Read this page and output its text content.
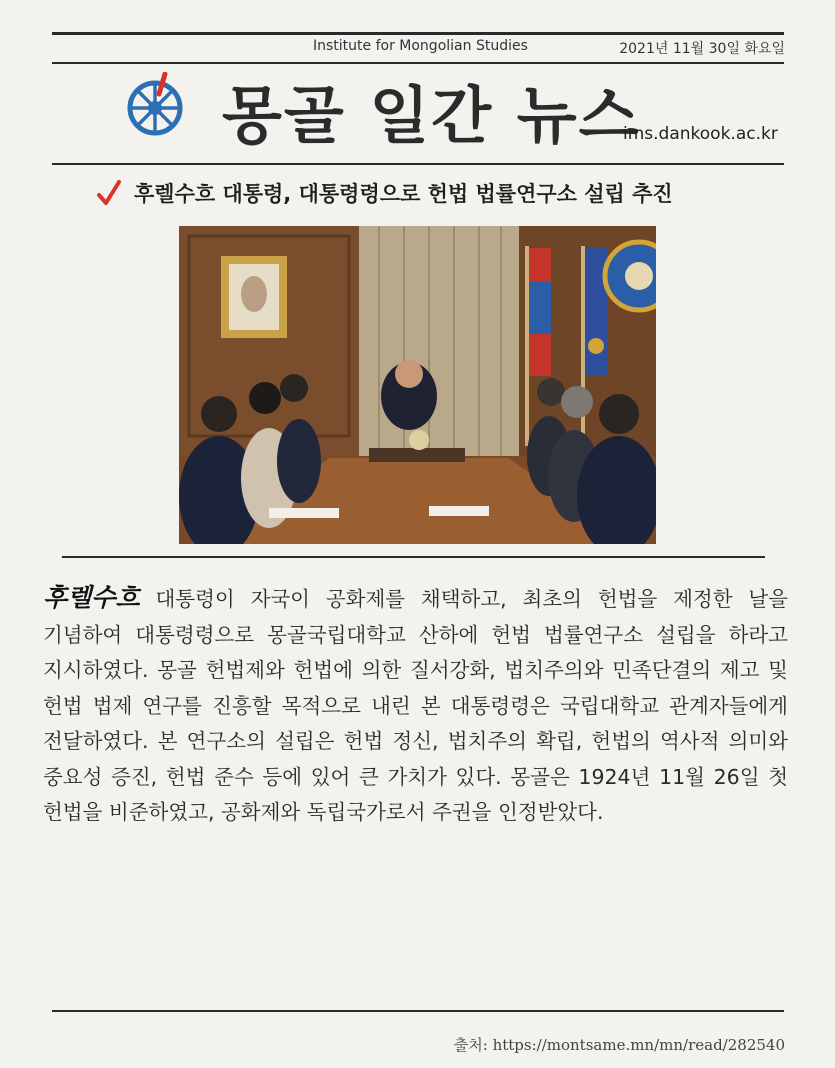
Institute for Mongolian Studies	2021년 11월 30일 화요일
몽골 일간 뉴스
ims.dankook.ac.kr
후렐수흐 대통령, 대통령령으로 헌법 법률연구소 설립 추진
후렐수흐 대통령이 자국이 공화제를 채택하고, 최초의 헌법을 제정한 날을 기념하여 대통령령으로 몽골국립대학교 산하에 헌법 법률연구소 설립을 하라고 지시하였다. 몽골 헌법제와 헌법에 의한 질서강화, 법치주의와 민족단결의 제고 및 헌법 법제 연구를 진흥할 목적으로 내린 본 대통령령은 국립대학교 관계자들에게 전달하였다. 본 연구소의 설립은 헌법 정신, 법치주의 확립, 헌법의 역사적 의미와 중요성 증진, 헌법 준수 등에 있어 큰 가치가 있다. 몽골은 1924년 11월 26일 첫 헌법을 비준하였고, 공화제와 독립국가로서 주권을 인정받았다.
출처: https://montsame.mn/mn/read/282540
